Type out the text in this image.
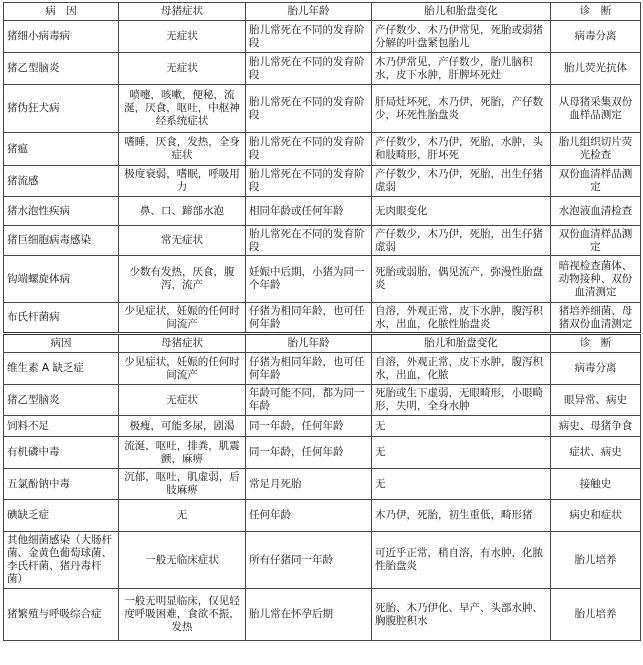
病　因	母猪症状	胎儿年龄	胎儿和胎盘变化	诊　断
猪细小病毒病	无症状	胎儿常死在不同的发育阶段	产仔数少、木乃伊常见，死胎或弱猪分解的叶盘紧包胎儿	病毒分离
猪乙型脑炎	无症状	胎儿常死在不同的发育阶段	木乃伊常见，产仔数少，胎儿脑积水，皮下水肿，肝脾坏死灶	胎儿荧光抗体
猪伪狂犬病	喷嚏，咳嗽，便秘，流涎，厌食，呕吐，中枢神经系统症状	胎儿常死在不同的发育阶段	肝局灶坏死，木乃伊，死胎，产仔数少，坏死性胎盘炎	从母猪采集双份血样品测定
猪瘟	嗜睡，厌食，发热，全身症状	胎儿常死在不同的发育阶段	产仔数少，木乃伊，死胎，水肿，头和肢畸形，肝坏死	胎儿组织切片荧光检查
猪流感	极度衰弱，嗜眠，呼吸用力	胎儿常死在不同的发育阶段	产仔数少，木乃伊，死胎，出生仔猪虚弱	双份血清样品测定
猪水泡性疾病	鼻、口、蹄部水泡	相同年龄或任何年龄	无肉眼变化	水泡液血清检查
猪巨细胞病毒感染	常无症状	胎儿常死在不同的发育阶段	产仔数少，木乃伊，死胎，出生仔猪虚弱	双份血清样品测定
钩端螺旋体病	少数有发热，厌食，腹泻，流产	妊娠中后期，小猪为同一个年龄	死胎或弱胎，偶见流产，弥漫性胎盘炎	暗视检查菌体、动物接种、双份血清测定
布氏杆菌病	少见症状，妊娠的任何时间流产	仔猪为相同年龄，也可任何年龄	自溶，外观正常，皮下水肿，腹泻积水，出血，化脓性胎盘炎	猪培养细菌、母猪双份血清测定
病因	母猪症状	胎儿年龄	胎儿和胎盘变化	诊　断
维生素 A 缺乏症	少见症状，妊娠的任何时间流产	仔猪为相同年龄，也可任何年龄	自溶，外观正常，皮下水肿，腹泻积水，出血，化脓	病毒分离
猪乙型脑炎	无症状	年龄可能不同，都为同一年龄	死胎或生下虚弱，无眼畸形，小眼畸形，失明，全身水肿	眼异常、病史
饲料不足	极瘦，可能多尿，剧渴	同一年龄，任何年龄	无	病史、母猪争食
有机磷中毒	流涎，呕吐，排粪，肌震颤，麻痹	同一年龄，任何年龄	无	症状、病史
五氯酚钠中毒	沉郁，呕吐，肌虚弱，后肢麻痹	常足月死胎	无	接触史
碘缺乏症	无	任何年龄	木乃伊，死胎，初生重低，畸形猪	病史和症状
其他细菌感染（大肠杆菌、金黄色葡萄球菌、李氏杆菌、猪丹毒杆菌）	一般无临床症状	所有仔猪同一年龄	可近乎正常，稍自溶，有水肿，化脓性胎盘炎	胎儿培养
猪繁殖与呼吸综合症	一般无明显临床，仅见轻度呼吸困难，食欲不振，发热	胎儿常在怀孕后期	死胎、木乃伊化、早产、头部水肿、胸腹腔积水	胎儿培养
